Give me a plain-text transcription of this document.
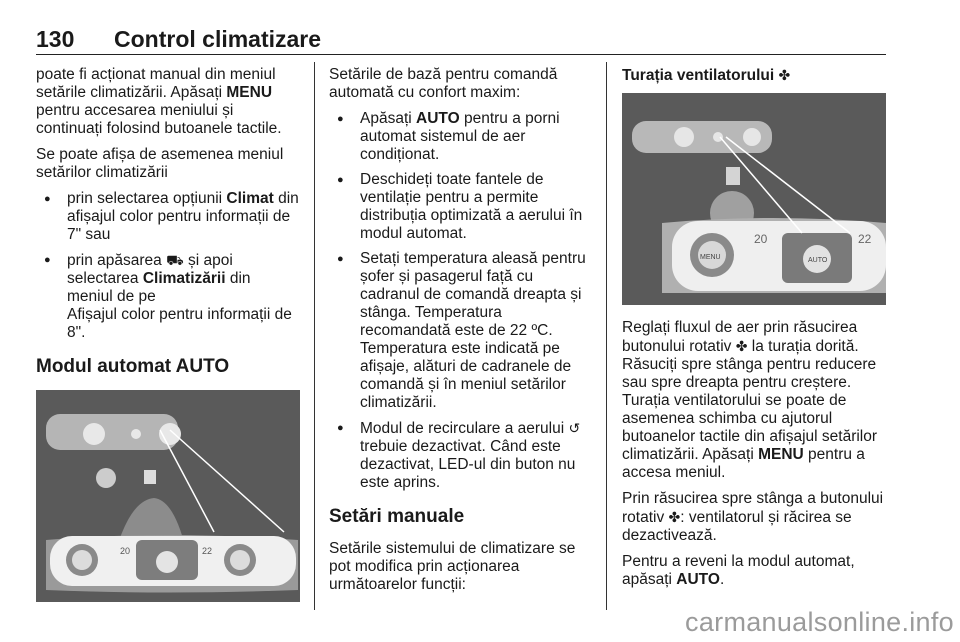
130 Control climatizare

poate fi acționat manual din meniul setările climatizării. Apăsați MENU pentru accesarea meniului și continuați folosind butoanele tactile.

Se poate afișa de asemenea meniul setărilor climatizării

● prin selectarea opțiunii Climat din afișajul color pentru informații de 7" sau
● prin apăsarea ⛟ și apoi selectarea Climatizării din meniul de pe
Afișajul color pentru informații de 8".
Modul automat AUTO
20	22

Setările de bază pentru comandă automată cu confort maxim:

● Apăsați AUTO pentru a porni automat sistemul de aer condiționat.
● Deschideți toate fantele de ventilație pentru a permite distribuția optimizată a aerului în modul automat.
● Setați temperatura aleasă pentru șofer și pasagerul față cu cadranul de comandă dreapta și stânga. Temperatura recomandată este de 22 ºC. Temperatura este indicată pe afișaje, alături de cadranele de comandă și în meniul setărilor climatizării.
● Modul de recirculare a aerului ↺ trebuie dezactivat. Când este dezactivat, LED-ul din buton nu este aprins.
Setări manuale

Setările sistemului de climatizare se pot modifica prin acționarea următoarelor funcții:

Turația ventilatorului ✤

MENU	AUTO
20	22

Reglați fluxul de aer prin răsucirea butonului rotativ ✤ la turația dorită. Răsuciți spre stânga pentru reducere sau spre dreapta pentru creștere. Turația ventilatorului se poate de asemenea schimba cu ajutorul butoanelor tactile din afișajul setărilor climatizării. Apăsați MENU pentru a accesa meniul.

Prin răsucirea spre stânga a butonului rotativ ✤: ventilatorul și răcirea se dezactivează.

Pentru a reveni la modul automat, apăsați AUTO.

carmanualsonline.info
